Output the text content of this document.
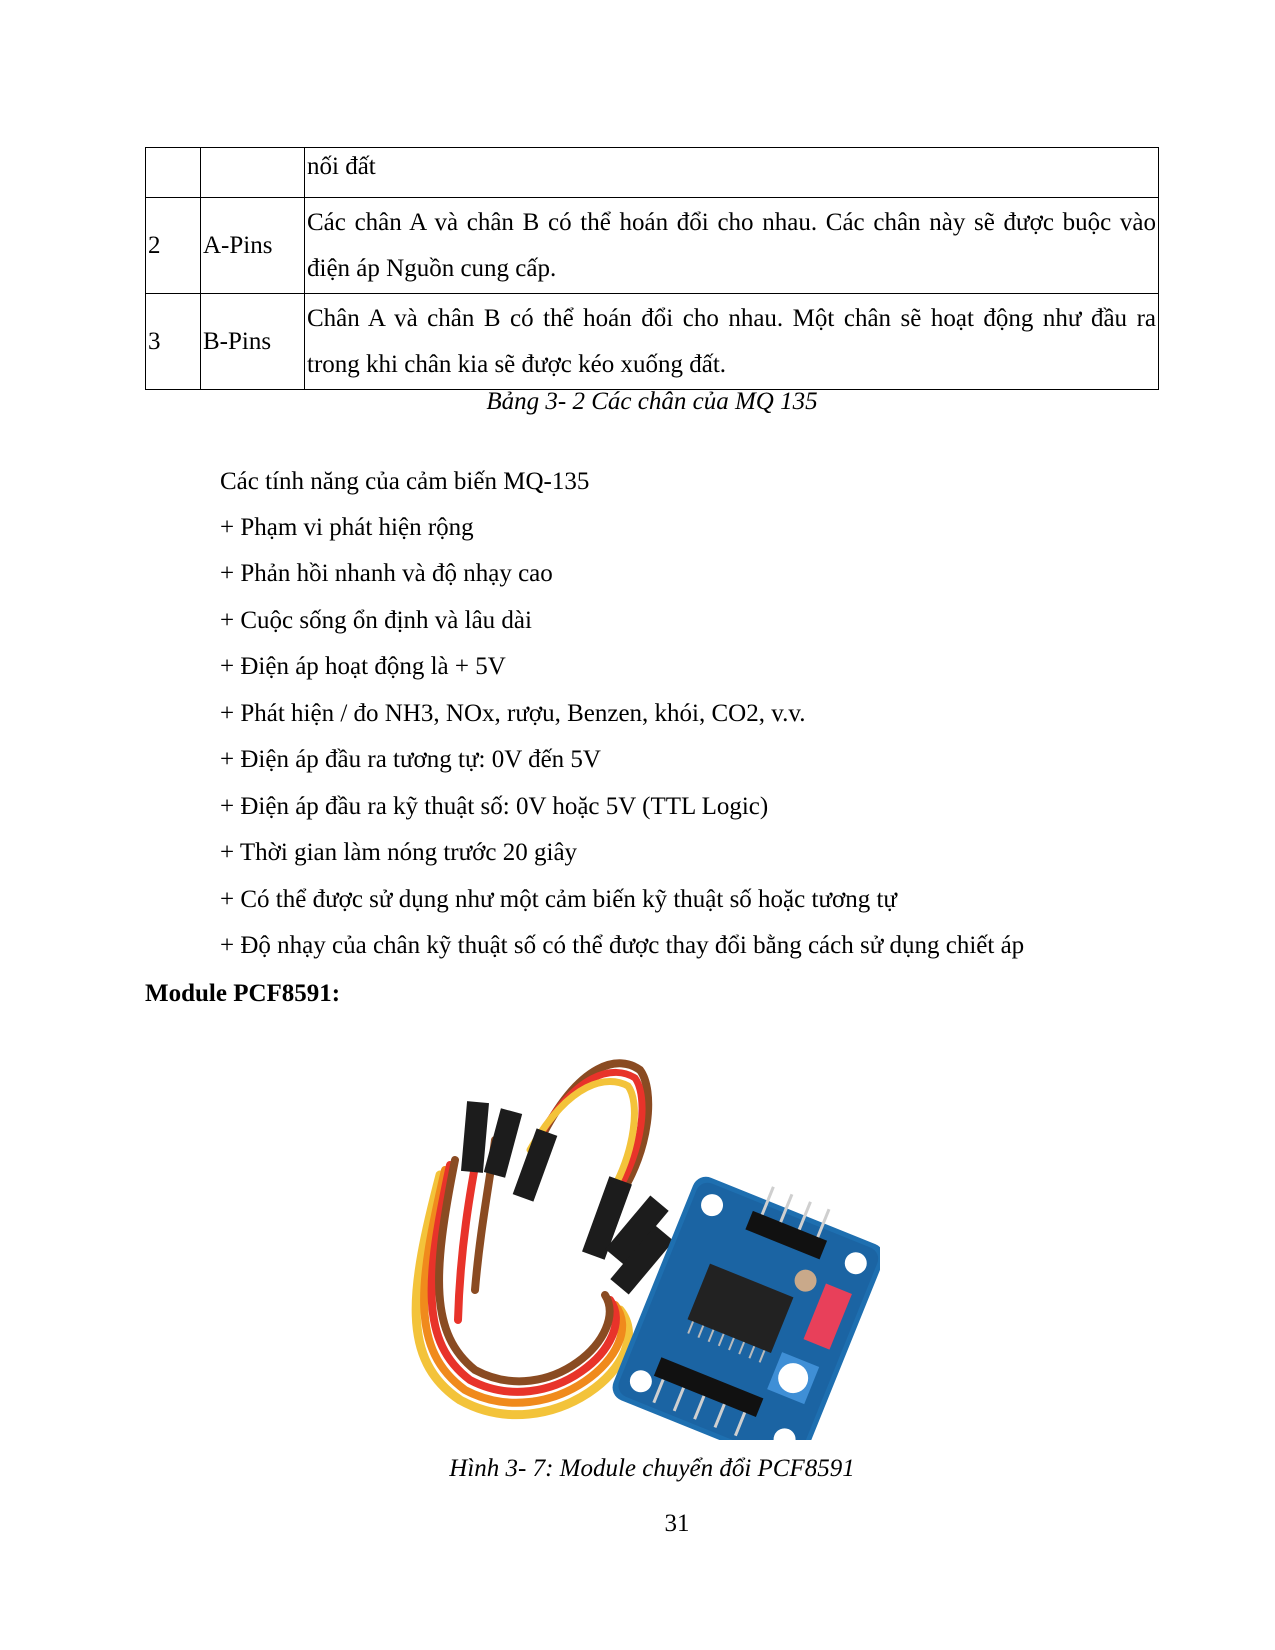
		nối đất
2	A-Pins	Các chân A và chân B có thể hoán đổi cho nhau. Các chân này sẽ được buộc vào điện áp Nguồn cung cấp.
3	B-Pins	Chân A và chân B có thể hoán đổi cho nhau. Một chân sẽ hoạt động như đầu ra trong khi chân kia sẽ được kéo xuống đất.
Bảng 3- 2 Các chân của MQ 135
Các tính năng của cảm biến MQ-135
+ Phạm vi phát hiện rộng
+ Phản hồi nhanh và độ nhạy cao
+ Cuộc sống ổn định và lâu dài
+ Điện áp hoạt động là + 5V
+ Phát hiện / đo NH3, NOx, rượu, Benzen, khói, CO2, v.v.
+ Điện áp đầu ra tương tự: 0V đến 5V
+ Điện áp đầu ra kỹ thuật số: 0V hoặc 5V (TTL Logic)
+ Thời gian làm nóng trước 20 giây
+ Có thể được sử dụng như một cảm biến kỹ thuật số hoặc tương tự
+ Độ nhạy của chân kỹ thuật số có thể được thay đổi bằng cách sử dụng chiết áp
Module PCF8591:
Hình 3- 7: Module chuyển đổi PCF8591
31
